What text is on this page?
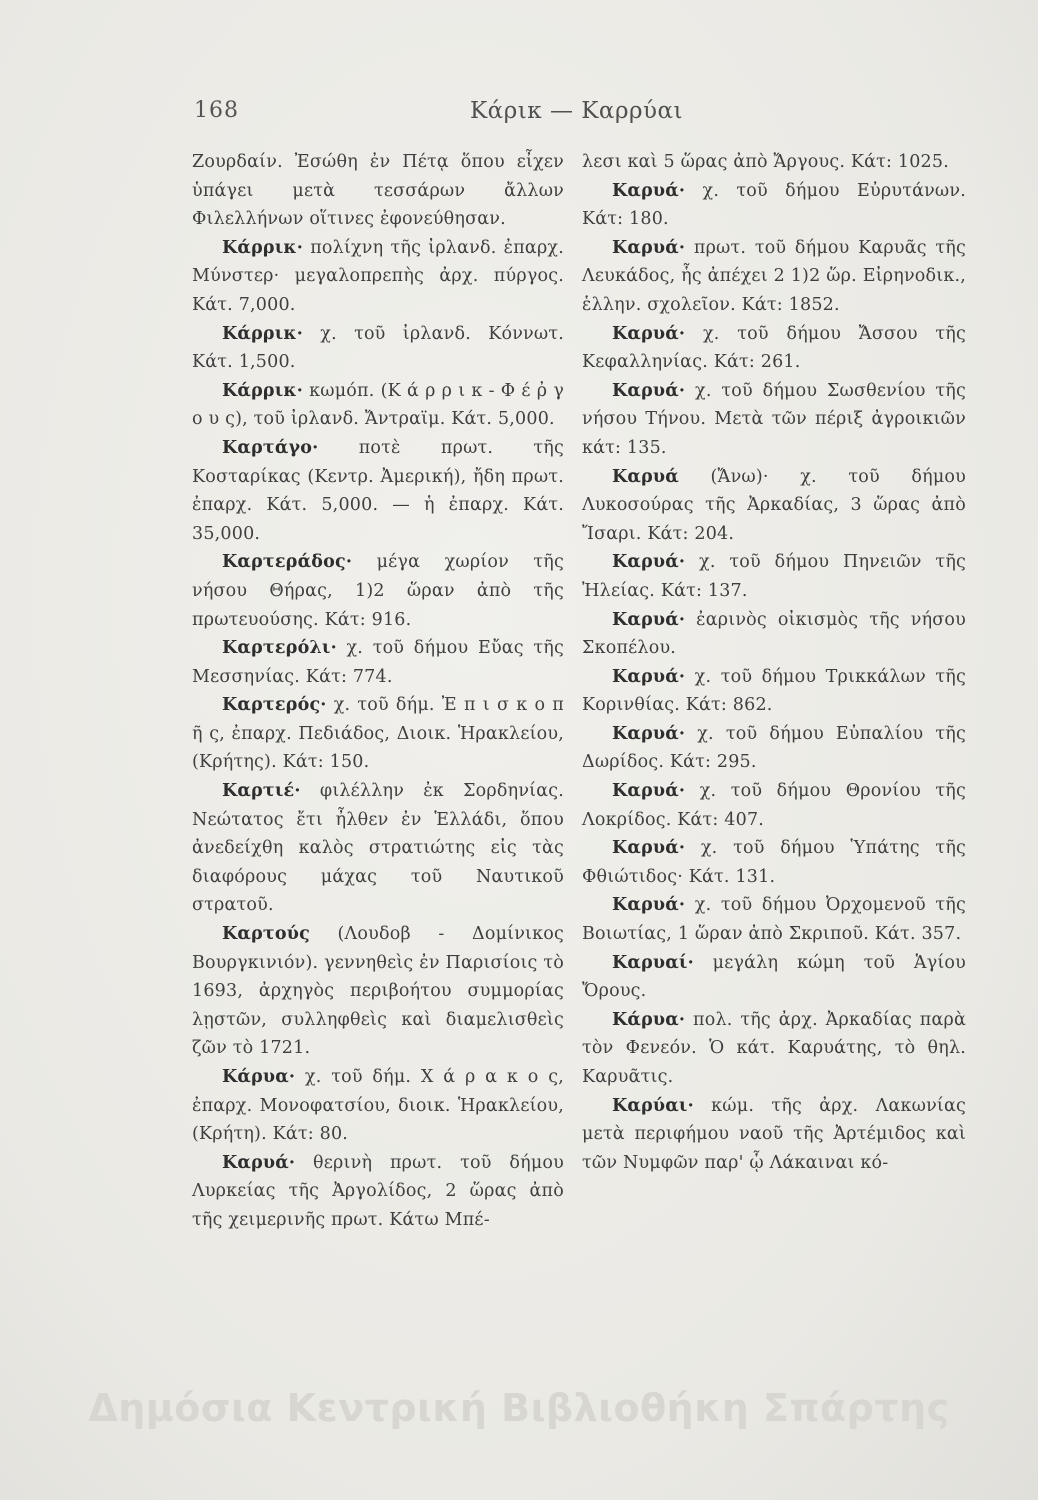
168	Κάρικ — Καρρύαι

Ζουρδαίν. Ἐσώθη ἐν Πέτᾳ ὅπου εἶχεν ὑπάγει μετὰ τεσσάρων ἄλλων Φιλελλήνων οἵτινες ἐφονεύθησαν.

Κάρρικ· πολίχνη τῆς ἰρλανδ. ἐπαρχ. Μύνστερ· μεγαλοπρεπὴς ἀρχ. πύργος. Κάτ. 7,000.

Κάρρικ· χ. τοῦ ἰρλανδ. Κόννωτ. Κάτ. 1,500.

Κάρρικ· κωμόπ. (Κ ά ρ ρ ι κ - Φ έ ῤ γ ο υ ς), τοῦ ἰρλανδ. Ἄντραϊμ. Κάτ. 5,000.

Καρτάγο· ποτὲ πρωτ. τῆς Κοσταρίκας (Κεντρ. Ἀμερική), ἤδη πρωτ. ἐπαρχ. Κάτ. 5,000. — ἡ ἐπαρχ. Κάτ. 35,000.

Καρτεράδος· μέγα χωρίον τῆς νήσου Θήρας, 1)2 ὥραν ἀπὸ τῆς πρωτευούσης. Κάτ: 916.

Καρτερόλι· χ. τοῦ δήμου Εὔας τῆς Μεσσηνίας. Κάτ: 774.

Καρτερός· χ. τοῦ δήμ. Ἐ π ι σ κ ο π ῆ ς, ἐπαρχ. Πεδιάδος, Διοικ. Ἡρακλείου, (Κρήτης). Κάτ: 150.

Καρτιέ· φιλέλλην ἐκ Σορδηνίας. Νεώτατος ἔτι ἦλθεν ἐν Ἑλλάδι, ὅπου ἀνεδείχθη καλὸς στρατιώτης εἰς τὰς διαφόρους μάχας τοῦ Ναυτικοῦ στρατοῦ.

Καρτούς (Λουδοβ - Δομίνικος Βουργκινιόν). γεννηθεὶς ἐν Παρισίοις τὸ 1693, ἀρχηγὸς περιβοήτου συμμορίας λῃστῶν, συλληφθεὶς καὶ διαμελισθεὶς ζῶν τὸ 1721.

Κάρυα· χ. τοῦ δήμ. Χ ά ρ α κ ο ς, ἐπαρχ. Μονοφατσίου, διοικ. Ἡρακλείου, (Κρήτη). Κάτ: 80.

Καρυά· θερινὴ πρωτ. τοῦ δήμου Λυρκείας τῆς Ἀργολίδος, 2 ὥρας ἀπὸ τῆς χειμερινῆς πρωτ. Κάτω Μπέ-

λεσι καὶ 5 ὥρας ἀπὸ Ἄργους. Κάτ: 1025.

Καρυά· χ. τοῦ δήμου Εὐρυτάνων. Κάτ: 180.

Καρυά· πρωτ. τοῦ δήμου Καρυᾶς τῆς Λευκάδος, ἧς ἀπέχει 2 1)2 ὥρ. Εἰρηνοδικ., ἑλλην. σχολεῖον. Κάτ: 1852.

Καρυά· χ. τοῦ δήμου Ἄσσου τῆς Κεφαλληνίας. Κάτ: 261.

Καρυά· χ. τοῦ δήμου Σωσθενίου τῆς νήσου Τήνου. Μετὰ τῶν πέριξ ἀγροικιῶν κάτ: 135.

Καρυά (Ἄνω)· χ. τοῦ δήμου Λυκοσούρας τῆς Ἀρκαδίας, 3 ὥρας ἀπὸ Ἴσαρι. Κάτ: 204.

Καρυά· χ. τοῦ δήμου Πηνειῶν τῆς Ἠλείας. Κάτ: 137.

Καρυά· ἐαρινὸς οἰκισμὸς τῆς νήσου Σκοπέλου.

Καρυά· χ. τοῦ δήμου Τρικκάλων τῆς Κορινθίας. Κάτ: 862.

Καρυά· χ. τοῦ δήμου Εὐπαλίου τῆς Δωρίδος. Κάτ: 295.

Καρυά· χ. τοῦ δήμου Θρονίου τῆς Λοκρίδος. Κάτ: 407.

Καρυά· χ. τοῦ δήμου Ὑπάτης τῆς Φθιώτιδος· Κάτ. 131.

Καρυά· χ. τοῦ δήμου Ὀρχομενοῦ τῆς Βοιωτίας, 1 ὥραν ἀπὸ Σκριποῦ. Κάτ. 357.

Καρυαί· μεγάλη κώμη τοῦ Ἁγίου Ὄρους.

Κάρυα· πολ. τῆς ἀρχ. Ἀρκαδίας παρὰ τὸν Φενεόν. Ὁ κάτ. Καρυάτης, τὸ θηλ. Καρυᾶτις.

Καρύαι· κώμ. τῆς ἀρχ. Λακωνίας μετὰ περιφήμου ναοῦ τῆς Ἀρτέμιδος καὶ τῶν Νυμφῶν παρ' ᾧ Λάκαιναι κό-

Δημόσια Κεντρική Βιβλιοθήκη Σπάρτης
